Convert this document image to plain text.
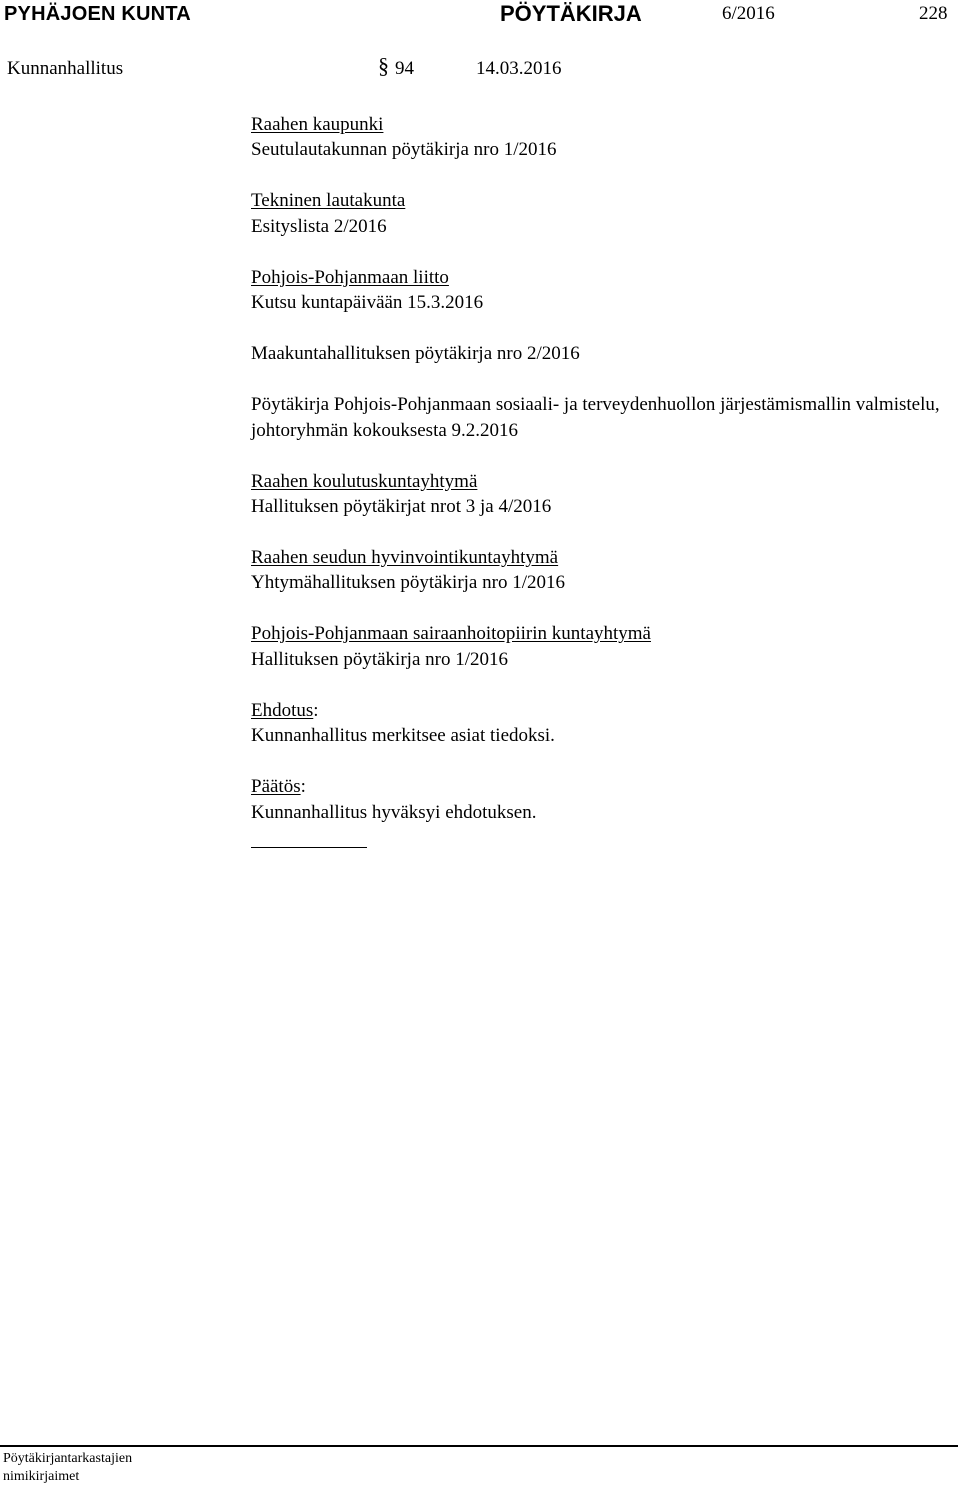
PYHÄJOEN KUNTA	PÖYTÄKIRJA	6/2016	228
Kunnanhallitus	§ 94	14.03.2016
Raahen kaupunki
Seutulautakunnan pöytäkirja nro 1/2016
Tekninen lautakunta
Esityslista 2/2016
Pohjois-Pohjanmaan liitto
Kutsu kuntapäivään 15.3.2016
Maakuntahallituksen pöytäkirja nro 2/2016
Pöytäkirja Pohjois-Pohjanmaan sosiaali- ja terveydenhuollon järjestämismallin valmistelu, johtoryhmän kokouksesta 9.2.2016
Raahen koulutuskuntayhtymä
Hallituksen pöytäkirjat nrot 3 ja 4/2016
Raahen seudun hyvinvointikuntayhtymä
Yhtymähallituksen pöytäkirja nro 1/2016
Pohjois-Pohjanmaan sairaanhoitopiirin kuntayhtymä
Hallituksen pöytäkirja nro 1/2016
Ehdotus:
Kunnanhallitus merkitsee asiat tiedoksi.
Päätös:
Kunnanhallitus hyväksyi ehdotuksen.
Pöytäkirjantarkastajien
nimikirjaimet
